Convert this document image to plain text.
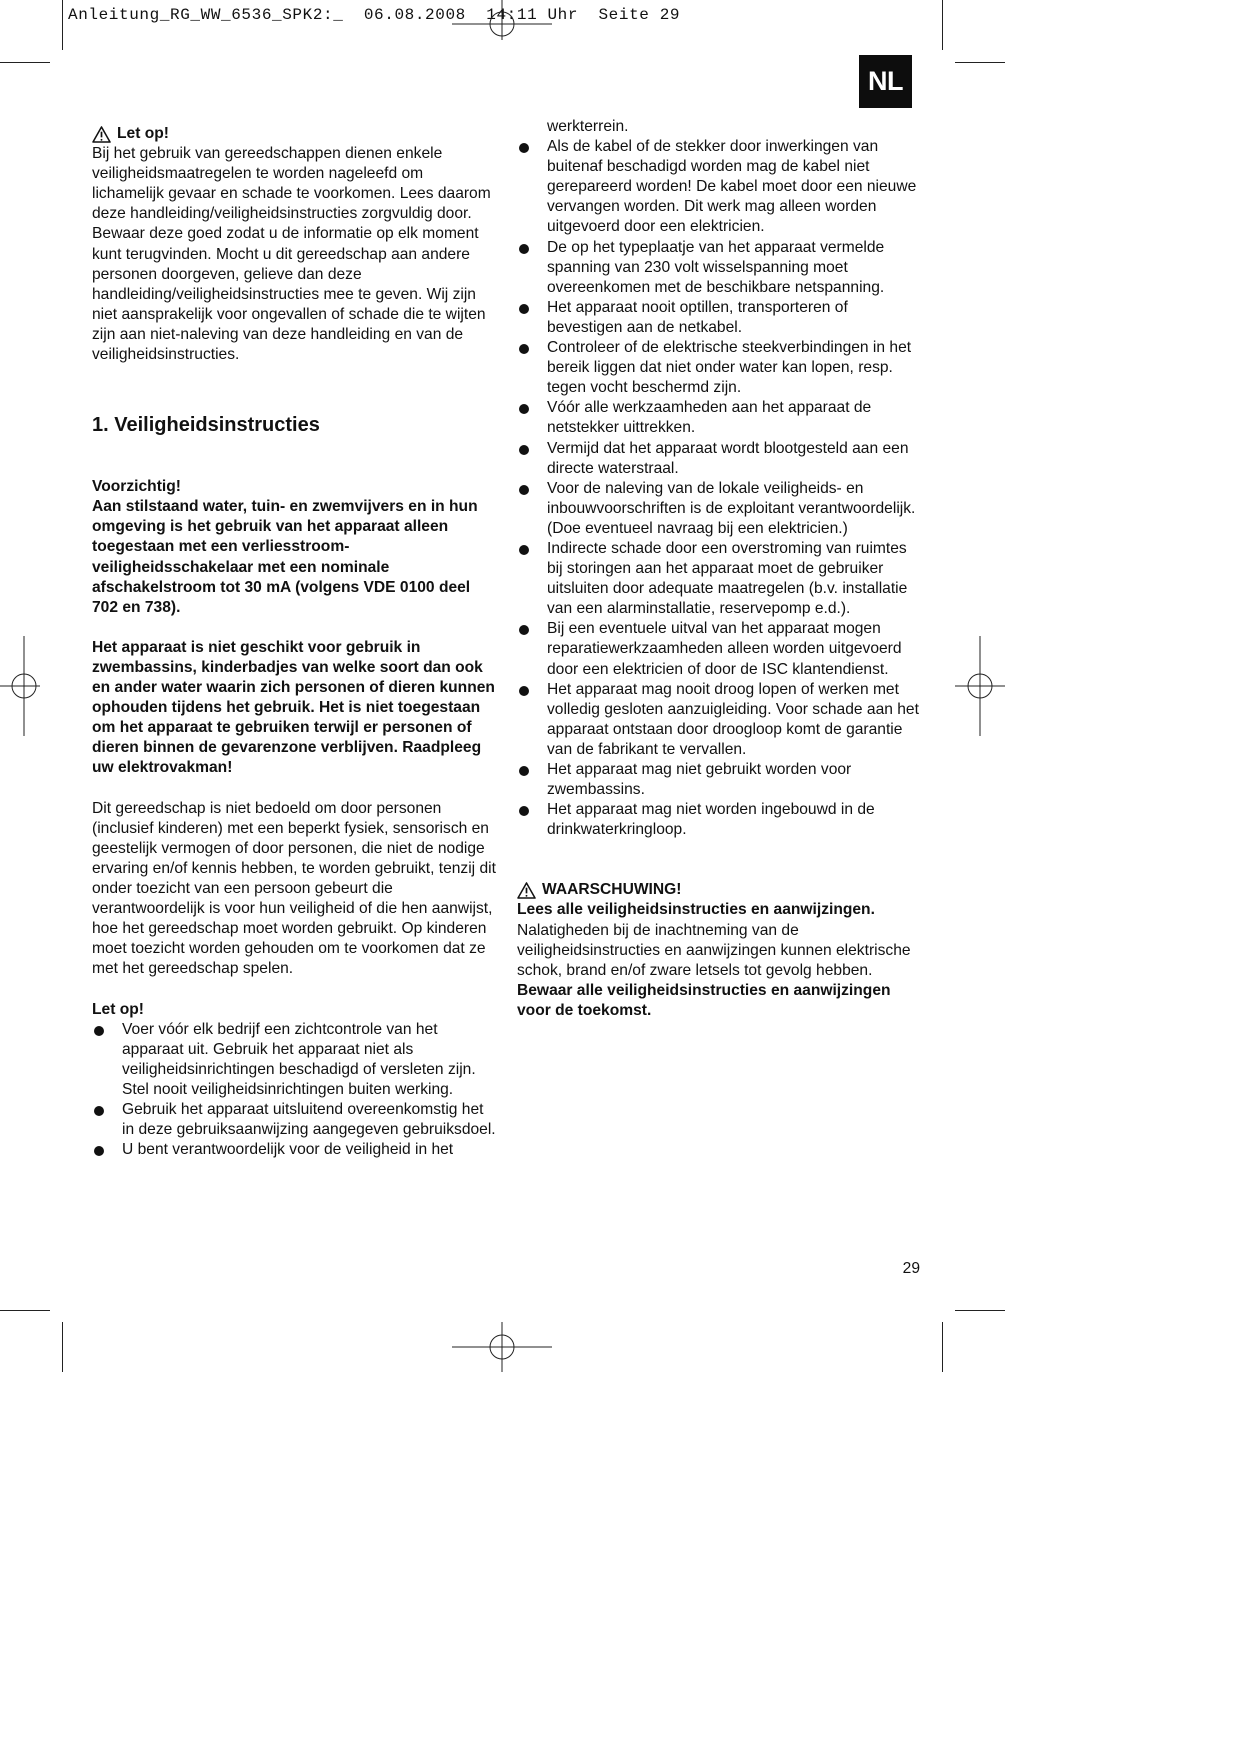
Anleitung_RG_WW_6536_SPK2:_  06.08.2008  14:11 Uhr  Seite 29
NL
Let op!

Bij het gebruik van gereedschappen dienen enkele veiligheidsmaatregelen te worden nageleefd om lichamelijk gevaar en schade te voorkomen. Lees daarom deze handleiding/veiligheidsinstructies zorgvuldig door. Bewaar deze goed zodat u de informatie op elk moment kunt terugvinden. Mocht u dit gereedschap aan andere personen doorgeven, gelieve dan deze handleiding/veiligheidsinstructies mee te geven. Wij zijn niet aansprakelijk voor ongevallen of schade die te wijten zijn aan niet-naleving van deze handleiding en van de veiligheidsinstructies.

1. Veiligheidsinstructies

Voorzichtig!

Aan stilstaand water, tuin- en zwemvijvers en in hun omgeving is het gebruik van het apparaat alleen toegestaan met een verliesstroom-veiligheidsschakelaar met een nominale afschakelstroom tot 30 mA (volgens VDE 0100 deel 702 en 738).

Het apparaat is niet geschikt voor gebruik in zwembassins, kinderbadjes van welke soort dan ook en ander water waarin zich personen of dieren kunnen ophouden tijdens het gebruik. Het is niet toegestaan om het apparaat te gebruiken terwijl er personen of dieren binnen de gevarenzone verblijven. Raadpleeg uw elektrovakman!

Dit gereedschap is niet bedoeld om door personen (inclusief kinderen) met een beperkt fysiek, sensorisch en geestelijk vermogen of door personen, die niet de nodige ervaring en/of kennis hebben, te worden gebruikt, tenzij dit onder toezicht van een persoon gebeurt die verantwoordelijk is voor hun veiligheid of die hen aanwijst, hoe het gereedschap moet worden gebruikt. Op kinderen moet toezicht worden gehouden om te voorkomen dat ze met het gereedschap spelen.

Let op!

Voer vóór elk bedrijf een zichtcontrole van het apparaat uit. Gebruik het apparaat niet als veiligheidsinrichtingen beschadigd of versleten zijn. Stel nooit veiligheidsinrichtingen buiten werking.
Gebruik het apparaat uitsluitend overeenkomstig het in deze gebruiksaanwijzing aangegeven gebruiksdoel.
U bent verantwoordelijk voor de veiligheid in het

werkterrein.

Als de kabel of de stekker door inwerkingen van buitenaf beschadigd worden mag de kabel niet gerepareerd worden! De kabel moet door een nieuwe vervangen worden. Dit werk mag alleen worden uitgevoerd door een elektricien.
De op het typeplaatje van het apparaat vermelde spanning van 230 volt wisselspanning moet overeenkomen met de beschikbare netspanning.
Het apparaat nooit optillen, transporteren of bevestigen aan de netkabel.
Controleer of de elektrische steekverbindingen in het bereik liggen dat niet onder water kan lopen, resp. tegen vocht beschermd zijn.
Vóór alle werkzaamheden aan het apparaat de netstekker uittrekken.
Vermijd dat het apparaat wordt blootgesteld aan een directe waterstraal.
Voor de naleving van de lokale veiligheids- en inbouwvoorschriften is de exploitant verantwoordelijk. (Doe eventueel navraag bij een elektricien.)
Indirecte schade door een overstroming van ruimtes bij storingen aan het apparaat moet de gebruiker uitsluiten door adequate maatregelen (b.v. installatie van een alarminstallatie, reservepomp e.d.).
Bij een eventuele uitval van het apparaat mogen reparatiewerkzaamheden alleen worden uitgevoerd door een elektricien of door de ISC klantendienst.
Het apparaat mag nooit droog lopen of werken met volledig gesloten aanzuigleiding. Voor schade aan het apparaat ontstaan door droogloop komt de garantie van de fabrikant te vervallen.
Het apparaat mag niet gebruikt worden voor zwembassins.
Het apparaat mag niet worden ingebouwd in de drinkwaterkringloop.
WAARSCHUWING!

Lees alle veiligheidsinstructies en aanwijzingen.

Nalatigheden bij de inachtneming van de veiligheidsinstructies en aanwijzingen kunnen elektrische schok, brand en/of zware letsels tot gevolg hebben.

Bewaar alle veiligheidsinstructies en aanwijzingen voor de toekomst.

29
